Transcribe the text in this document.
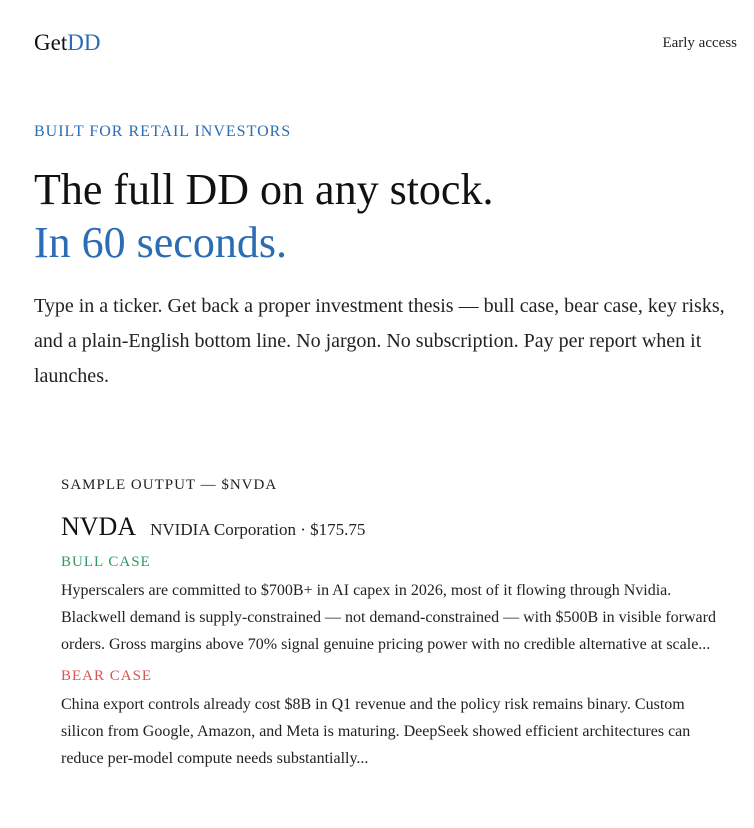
GetDD	Early access
BUILT FOR RETAIL INVESTORS
The full DD on any stock.
In 60 seconds.

Type in a ticker. Get back a proper investment thesis — bull case, bear case, key risks, and a plain-English bottom line. No jargon. No subscription. Pay per report when it launches.

SAMPLE OUTPUT — $NVDA
NVDA NVIDIA Corporation · $175.75
BULL CASE
Hyperscalers are committed to $700B+ in AI capex in 2026, most of it flowing through Nvidia. Blackwell demand is supply-constrained — not demand-constrained — with $500B in visible forward orders. Gross margins above 70% signal genuine pricing power with no credible alternative at scale...
BEAR CASE
China export controls already cost $8B in Q1 revenue and the policy risk remains binary. Custom silicon from Google, Amazon, and Meta is maturing. DeepSeek showed efficient architectures can reduce per-model compute needs substantially...
